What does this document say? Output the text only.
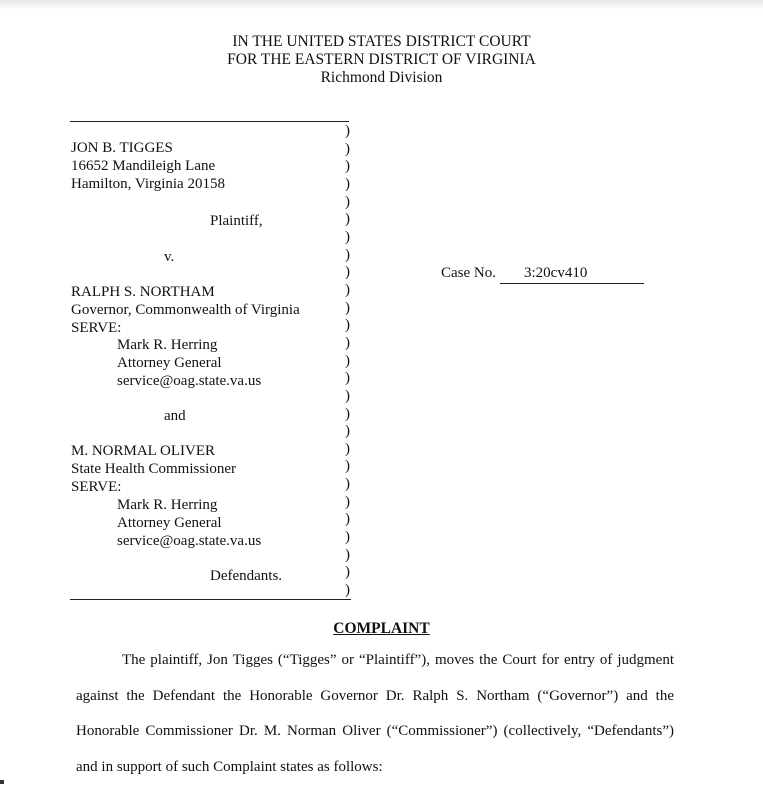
IN THE UNITED STATES DISTRICT COURT
FOR THE EASTERN DISTRICT OF VIRGINIA
Richmond Division
JON B. TIGGES
16652 Mandileigh Lane
Hamilton, Virginia 20158
Plaintiff,
v.
RALPH S. NORTHAM
Governor, Commonwealth of Virginia
SERVE:
Mark R. Herring
Attorney General
service@oag.state.va.us
and
M. NORMAL OLIVER
State Health Commissioner
SERVE:
Mark R. Herring
Attorney General
service@oag.state.va.us
Defendants.
)
)
)
)
)
)
)
)
)
)
)
)
)
)
)
)
)
)
)
)
)
)
)
)
)
)
)
Case No. 3:20cv410
COMPLAINT
The plaintiff, Jon Tigges (“Tigges” or “Plaintiff”), moves the Court for entry of judgment
against the Defendant the Honorable Governor Dr. Ralph S. Northam (“Governor”) and the
Honorable Commissioner Dr. M. Norman Oliver (“Commissioner”) (collectively, “Defendants”)
and in support of such Complaint states as follows:
